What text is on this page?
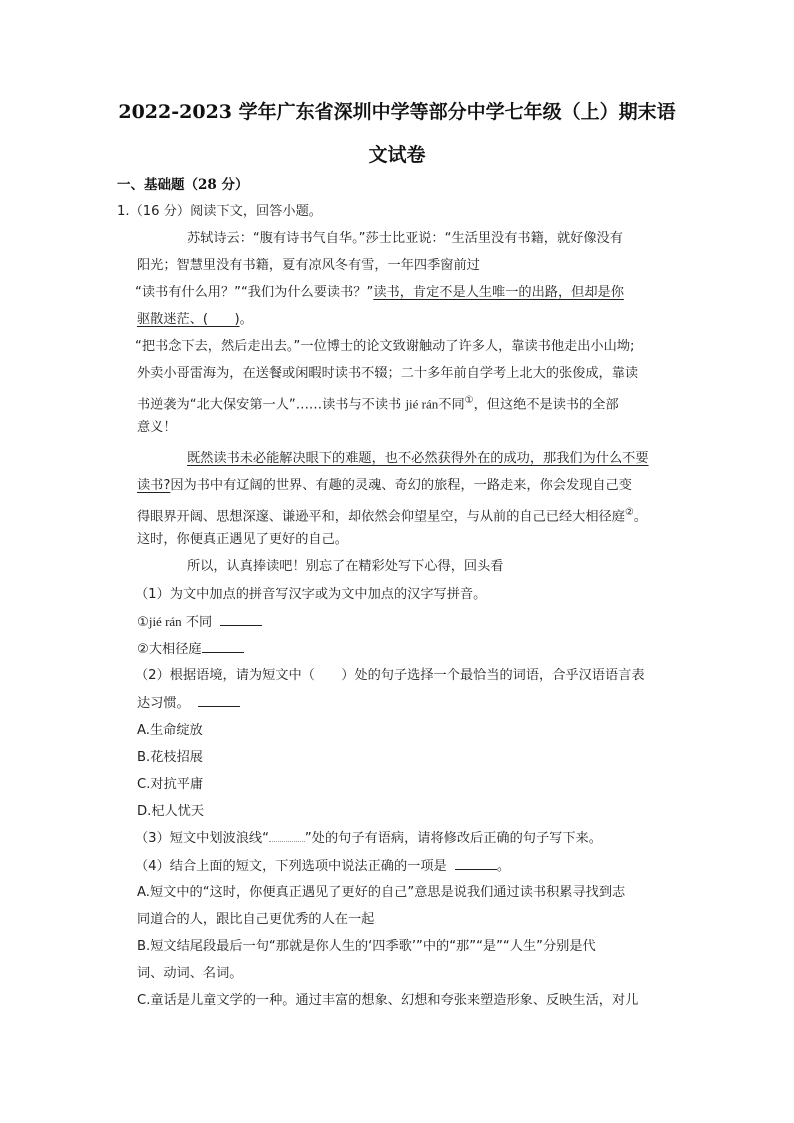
2022-2023 学年广东省深圳中学等部分中学七年级（上）期末语
文试卷
一、基础题（28 分）
1.（16 分）阅读下文，回答小题。
苏轼诗云：“腹有诗书气自华。”莎士比亚说：“生活里没有书籍，就好像没有
阳光；智慧里没有书籍，夏有凉风冬有雪，一年四季窗前过
“读书有什么用？”“我们为什么要读书？”读书，肯定不是人生唯一的出路，但却是你
驱散迷茫、(　　)。
“把书念下去，然后走出去。”一位博士的论文致谢触动了许多人，靠读书他走出小山坳;
外卖小哥雷海为，在送餐或闲暇时读书不辍；二十多年前自学考上北大的张俊成，靠读
书逆袭为“北大保安第一人”……读书与不读书 jié rán不同①，但这绝不是读书的全部
意义！
既然读书未必能解决眼下的难题，也不必然获得外在的成功，那我们为什么不要
读书?因为书中有辽阔的世界、有趣的灵魂、奇幻的旅程，一路走来，你会发现自己变
得眼界开阔、思想深邃、谦逊平和，却依然会仰望星空，与从前的自己已经大相径庭②。
这时，你便真正遇见了更好的自己。
所以，认真捧读吧！别忘了在精彩处写下心得，回头看
（1）为文中加点的拼音写汉字或为文中加点的汉字写拼音。
①jié rán 不同
②大相径庭
（2）根据语境，请为短文中（　　）处的句子选择一个最恰当的词语，合乎汉语语言表
达习惯。
A.生命绽放
B.花枝招展
C.对抗平庸
D.杞人忧天
（3）短文中划波浪线“	”处的句子有语病，请将修改后正确的句子写下来。
（4）结合上面的短文，下列选项中说法正确的一项是	。
A.短文中的“这时，你便真正遇见了更好的自己”意思是说我们通过读书积累寻找到志
同道合的人，跟比自己更优秀的人在一起
B.短文结尾段最后一句“那就是你人生的‘四季歌’”中的“那”“是”“人生”分别是代
词、动词、名词。
C.童话是儿童文学的一种。通过丰富的想象、幻想和夸张来塑造形象、反映生活，对儿
